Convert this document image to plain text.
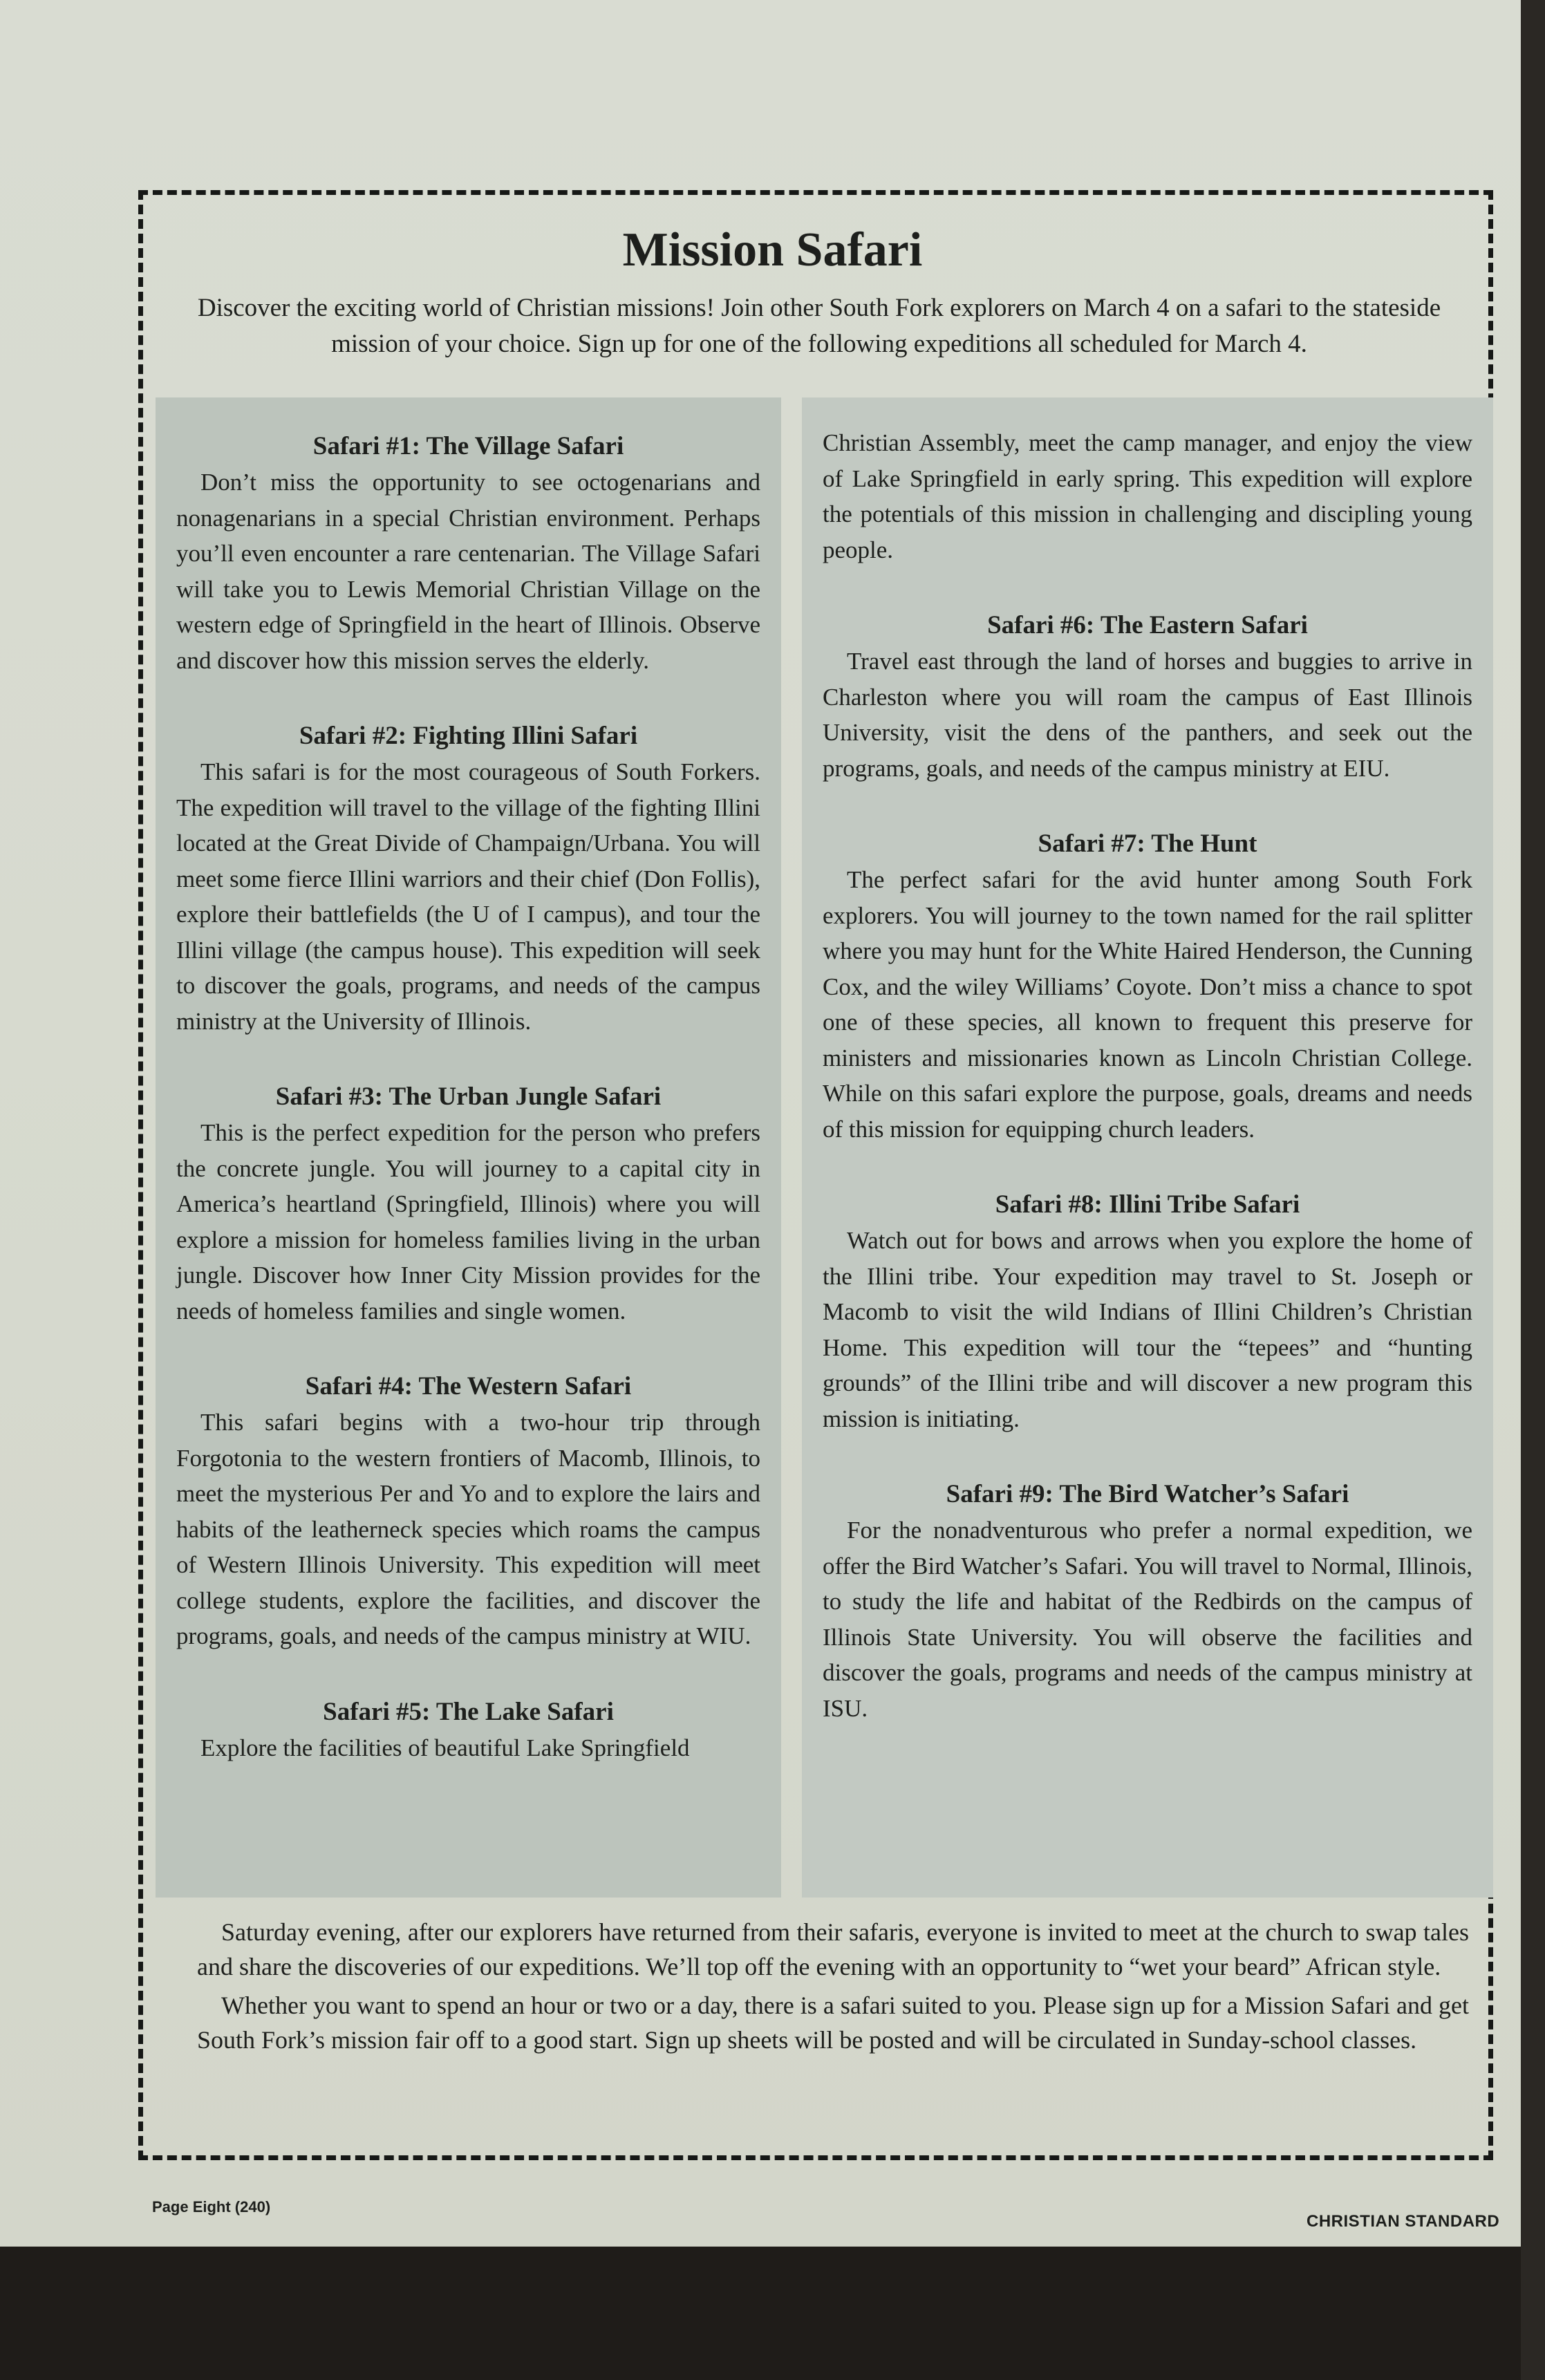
Mission Safari
Discover the exciting world of Christian missions! Join other South Fork explorers on March 4 on a safari to the stateside mission of your choice. Sign up for one of the following expeditions all scheduled for March 4.
Safari #1: The Village Safari

Don’t miss the opportunity to see octogenarians and nonagenarians in a special Christian environment. Perhaps you’ll even encounter a rare centenarian. The Village Safari will take you to Lewis Memorial Christian Village on the western edge of Springfield in the heart of Illinois. Observe and discover how this mission serves the elderly.

Safari #2: Fighting Illini Safari

This safari is for the most courageous of South Forkers. The expedition will travel to the village of the fighting Illini located at the Great Divide of Champaign/Urbana. You will meet some fierce Illini warriors and their chief (Don Follis), explore their battlefields (the U of I campus), and tour the Illini village (the campus house). This expedition will seek to discover the goals, programs, and needs of the campus ministry at the University of Illinois.

Safari #3: The Urban Jungle Safari

This is the perfect expedition for the person who prefers the concrete jungle. You will journey to a capital city in America’s heartland (Springfield, Illinois) where you will explore a mission for homeless families living in the urban jungle. Discover how Inner City Mission provides for the needs of homeless families and single women.

Safari #4: The Western Safari

This safari begins with a two-hour trip through Forgotonia to the western frontiers of Macomb, Illinois, to meet the mysterious Per and Yo and to explore the lairs and habits of the leatherneck species which roams the campus of Western Illinois University. This expedition will meet college students, explore the facilities, and discover the programs, goals, and needs of the campus ministry at WIU.

Safari #5: The Lake Safari

Explore the facilities of beautiful Lake Springfield

Christian Assembly, meet the camp manager, and enjoy the view of Lake Springfield in early spring. This expedition will explore the potentials of this mission in challenging and discipling young people.

Safari #6: The Eastern Safari

Travel east through the land of horses and buggies to arrive in Charleston where you will roam the campus of East Illinois University, visit the dens of the panthers, and seek out the programs, goals, and needs of the campus ministry at EIU.

Safari #7: The Hunt

The perfect safari for the avid hunter among South Fork explorers. You will journey to the town named for the rail splitter where you may hunt for the White Haired Henderson, the Cunning Cox, and the wiley Williams’ Coyote. Don’t miss a chance to spot one of these species, all known to frequent this preserve for ministers and missionaries known as Lincoln Christian College. While on this safari explore the purpose, goals, dreams and needs of this mission for equipping church leaders.

Safari #8: Illini Tribe Safari

Watch out for bows and arrows when you explore the home of the Illini tribe. Your expedition may travel to St. Joseph or Macomb to visit the wild Indians of Illini Children’s Christian Home. This expedition will tour the “tepees” and “hunting grounds” of the Illini tribe and will discover a new program this mission is initiating.

Safari #9: The Bird Watcher’s Safari

For the nonadventurous who prefer a normal expedition, we offer the Bird Watcher’s Safari. You will travel to Normal, Illinois, to study the life and habitat of the Redbirds on the campus of Illinois State University. You will observe the facilities and discover the goals, programs and needs of the campus ministry at ISU.

Saturday evening, after our explorers have returned from their safaris, everyone is invited to meet at the church to swap tales and share the discoveries of our expeditions. We’ll top off the evening with an opportunity to “wet your beard” African style.

Whether you want to spend an hour or two or a day, there is a safari suited to you. Please sign up for a Mission Safari and get South Fork’s mission fair off to a good start. Sign up sheets will be posted and will be circulated in Sunday-school classes.

Page Eight (240)
CHRISTIAN STANDARD
